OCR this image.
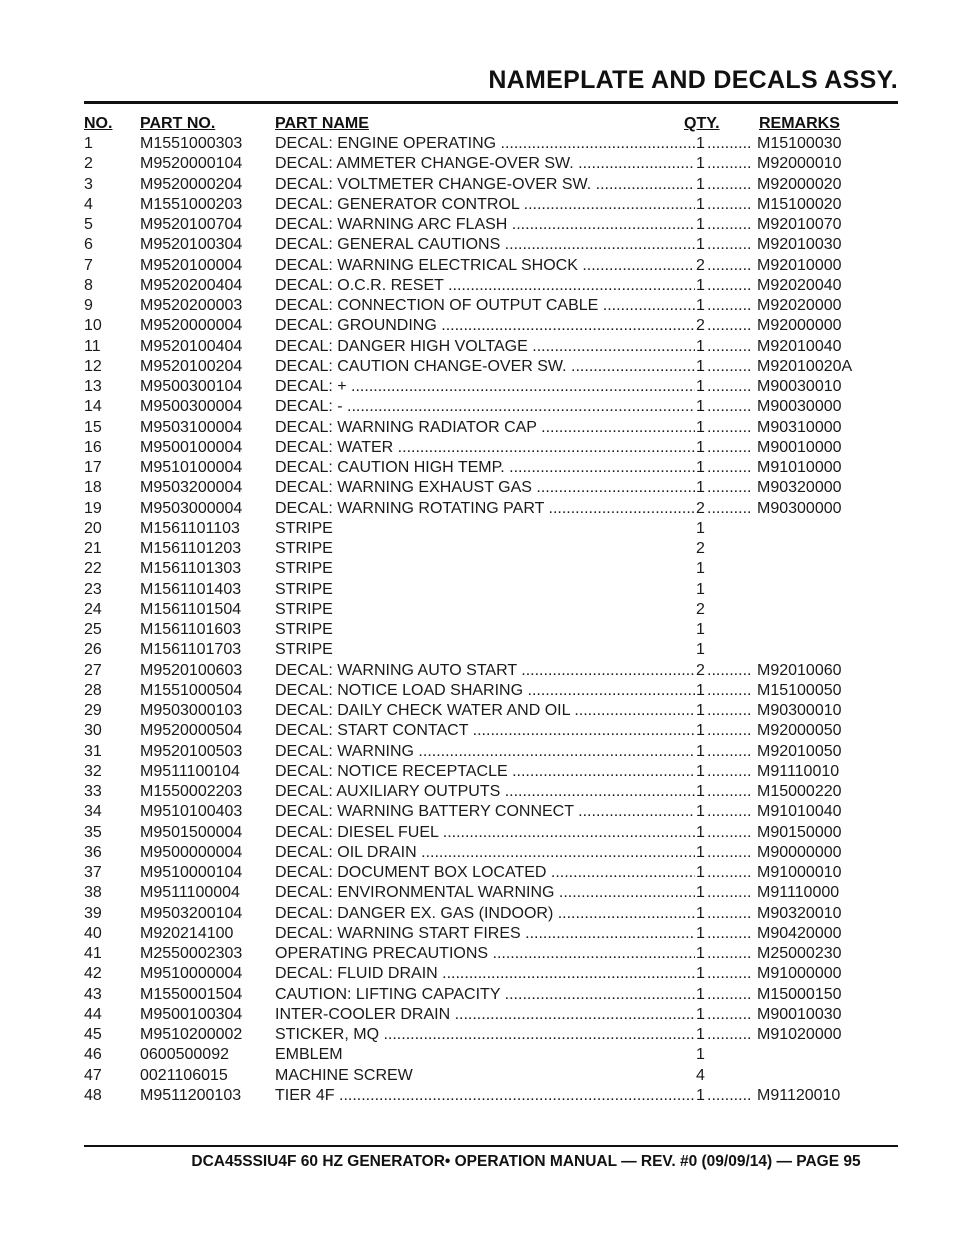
NAMEPLATE AND DECALS ASSY.
NO. PART NO.	PART NAME	QTY. REMARKS
1	M1551000303 DECAL: ENGINE OPERATING .....	1 .....	M15100030
2	M9520000104 DECAL: AMMETER CHANGE-OVER SW. .....	1 .....	M92000010
3	M9520000204 DECAL: VOLTMETER CHANGE-OVER SW. .....	1 .....	M92000020
4	M1551000203 DECAL: GENERATOR CONTROL .....	1 .....	M15100020
5	M9520100704 DECAL: WARNING ARC FLASH .....	1 .....	M92010070
6	M9520100304 DECAL: GENERAL CAUTIONS .....	1 .....	M92010030
7	M9520100004 DECAL: WARNING ELECTRICAL SHOCK .....	2 .....	M92010000
8	M9520200404 DECAL: O.C.R. RESET .....	1 .....	M92020040
9	M9520200003 DECAL: CONNECTION OF OUTPUT CABLE .....	1 .....	M92020000
10 M9520000004 DECAL: GROUNDING .....	2 .....	M92000000
11 M9520100404 DECAL: DANGER HIGH VOLTAGE .....	1 .....	M92010040
12 M9520100204 DECAL: CAUTION CHANGE-OVER SW. .....	1 .....	M92010020A
13 M9500300104 DECAL: + .....	1 .....	M90030010
14 M9500300004 DECAL: - .....	1 .....	M90030000
15 M9503100004 DECAL: WARNING RADIATOR CAP .....	1 .....	M90310000
16 M9500100004 DECAL: WATER .....	1 .....	M90010000
17 M9510100004 DECAL: CAUTION HIGH TEMP. .....	1 .....	M91010000
18 M9503200004 DECAL: WARNING EXHAUST GAS .....	1 .....	M90320000
19 M9503000004 DECAL: WARNING ROTATING PART .....	2 .....	M90300000
20 M1561101103 STRIPE	1
21 M1561101203 STRIPE	2
22 M1561101303 STRIPE	1
23 M1561101403 STRIPE	1
24 M1561101504 STRIPE	2
25 M1561101603 STRIPE	1
26 M1561101703 STRIPE	1
27 M9520100603 DECAL: WARNING AUTO START .....	2 .....	M92010060
28 M1551000504 DECAL: NOTICE LOAD SHARING .....	1 .....	M15100050
29 M9503000103 DECAL: DAILY CHECK WATER AND OIL .....	1 .....	M90300010
30 M9520000504 DECAL: START CONTACT .....	1 .....	M92000050
31 M9520100503 DECAL: WARNING .....	1 .....	M92010050
32 M9511100104 DECAL: NOTICE RECEPTACLE .....	1 .....	M91110010
33 M1550002203 DECAL: AUXILIARY OUTPUTS .....	1 .....	M15000220
34 M9510100403 DECAL: WARNING BATTERY CONNECT .....	1 .....	M91010040
35 M9501500004 DECAL: DIESEL FUEL .....	1 .....	M90150000
36 M9500000004 DECAL: OIL DRAIN .....	1 .....	M90000000
37 M9510000104 DECAL: DOCUMENT BOX LOCATED .....	1 .....	M91000010
38 M9511100004 DECAL: ENVIRONMENTAL WARNING .....	1 .....	M91110000
39 M9503200104 DECAL: DANGER EX. GAS (INDOOR) .....	1 .....	M90320010
40 M920214100	DECAL: WARNING START FIRES .....	1 .....	M90420000
41 M2550002303 OPERATING PRECAUTIONS .....	1 .....	M25000230
42 M9510000004 DECAL: FLUID DRAIN .....	1 .....	M91000000
43 M1550001504 CAUTION: LIFTING CAPACITY .....	1 .....	M15000150
44 M9500100304 INTER-COOLER DRAIN .....	1 .....	M90010030
45 M9510200002 STICKER, MQ .....	1 .....	M91020000
46 0600500092	EMBLEM	1
47 0021106015	MACHINE SCREW	4
48 M9511200103 TIER 4F .....	1 .....	M91120010
DCA45SSIU4F 60 HZ GENERATOR• OPERATION MANUAL — REV. #0 (09/09/14) — PAGE 95
